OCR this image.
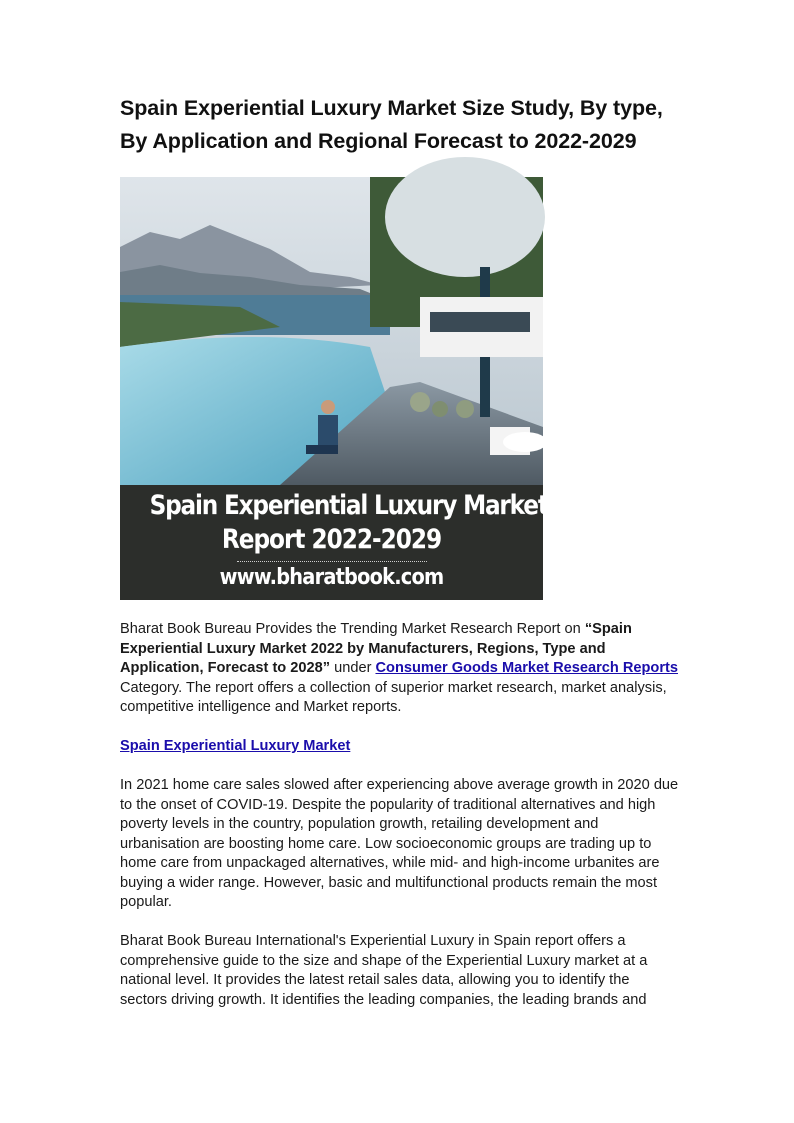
Spain Experiential Luxury Market Size Study, By type,
By Application and Regional Forecast to 2022-2029
Spain Experiential Luxury Market Research
Report 2022-2029
www.bharatbook.com

Bharat Book Bureau Provides the Trending Market Research Report on “Spain Experiential Luxury Market 2022 by Manufacturers, Regions, Type and Application, Forecast to 2028” under Consumer Goods Market Research Reports Category. The report offers a collection of superior market research, market analysis, competitive intelligence and Market reports.

Spain Experiential Luxury Market

In 2021 home care sales slowed after experiencing above average growth in 2020 due to the onset of COVID-19. Despite the popularity of traditional alternatives and high poverty levels in the country, population growth, retailing development and urbanisation are boosting home care. Low socioeconomic groups are trading up to home care from unpackaged alternatives, while mid- and high-income urbanites are buying a wider range. However, basic and multifunctional products remain the most popular.

Bharat Book Bureau International's Experiential Luxury in Spain report offers a comprehensive guide to the size and shape of the Experiential Luxury market at a national level. It provides the latest retail sales data, allowing you to identify the sectors driving growth. It identifies the leading companies, the leading brands and
